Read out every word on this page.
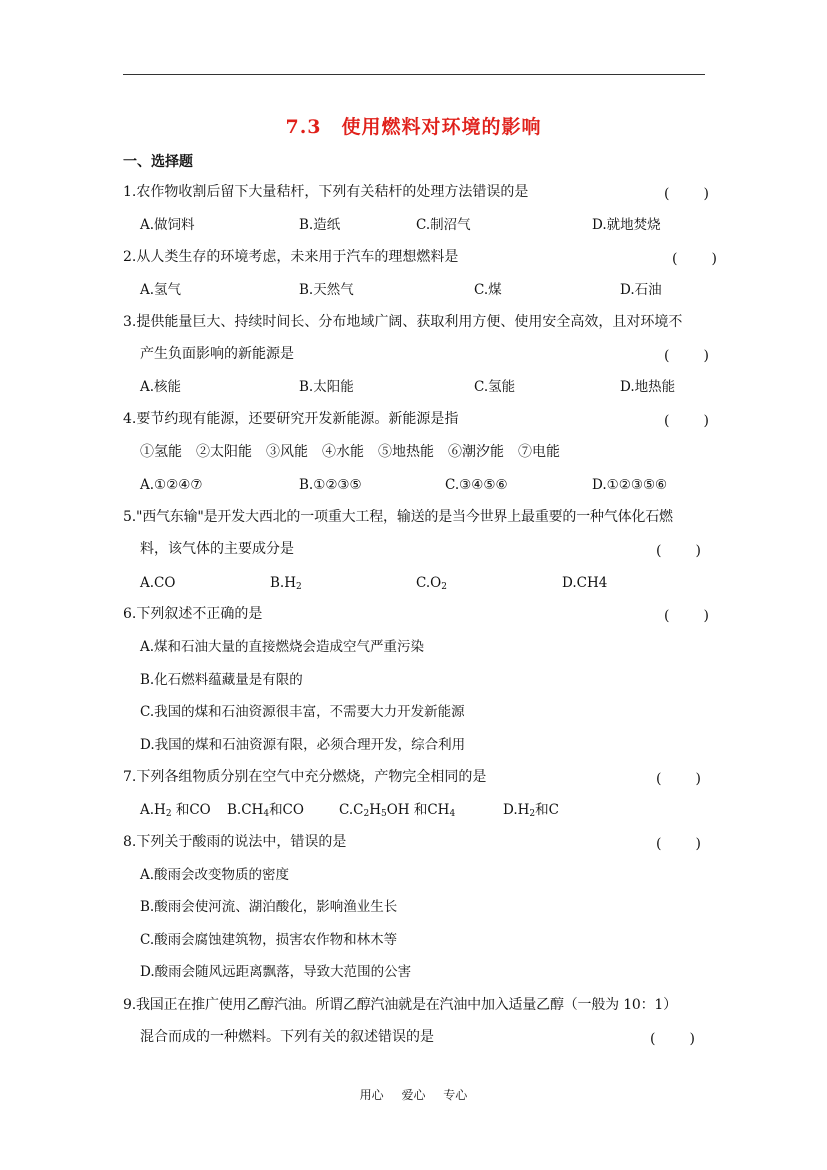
7.3　使用燃料对环境的影响
一、选择题
1.农作物收割后留下大量秸杆，下列有关秸杆的处理方法错误的是	(　　)
A.做饲料	B.造纸	C.制沼气	D.就地焚烧
2.从人类生存的环境考虑，未来用于汽车的理想燃料是	(　　)
A.氢气	B.天然气	C.煤	D.石油
3.提供能量巨大、持续时间长、分布地域广阔、获取利用方便、使用安全高效，且对环境不
产生负面影响的新能源是	(　　)
A.核能	B.太阳能	C.氢能	D.地热能
4.要节约现有能源，还要研究开发新能源。新能源是指	(　　)
①氢能　②太阳能　③风能　④水能　⑤地热能　⑥潮汐能　⑦电能
A.①②④⑦	B.①②③⑤	C.③④⑤⑥	D.①②③⑤⑥
5."西气东输"是开发大西北的一项重大工程，输送的是当今世界上最重要的一种气体化石燃
料，该气体的主要成分是	(　　)
A.CO	$B.H_2$	$C.O_2$	D.CH4
6.下列叙述不正确的是	(　　)
A.煤和石油大量的直接燃烧会造成空气严重污染
B.化石燃料蕴藏量是有限的
C.我国的煤和石油资源很丰富，不需要大力开发新能源
D.我国的煤和石油资源有限，必须合理开发，综合利用
7.下列各组物质分别在空气中充分燃烧，产物完全相同的是	(　　)
$A.H_2$ 和CO $B.CH_4$和CO	$C.C_2H_5OH$ 和$CH_4$	$D.H_2$和C
8.下列关于酸雨的说法中，错误的是	(　　)
A.酸雨会改变物质的密度
B.酸雨会使河流、湖泊酸化，影响渔业生长
C.酸雨会腐蚀建筑物，损害农作物和林木等
D.酸雨会随风远距离飘落，导致大范围的公害
9.我国正在推广使用乙醇汽油。所谓乙醇汽油就是在汽油中加入适量乙醇（一般为 10：1）
混合而成的一种燃料。下列有关的叙述错误的是	(　　)
用心 爱心 专心
